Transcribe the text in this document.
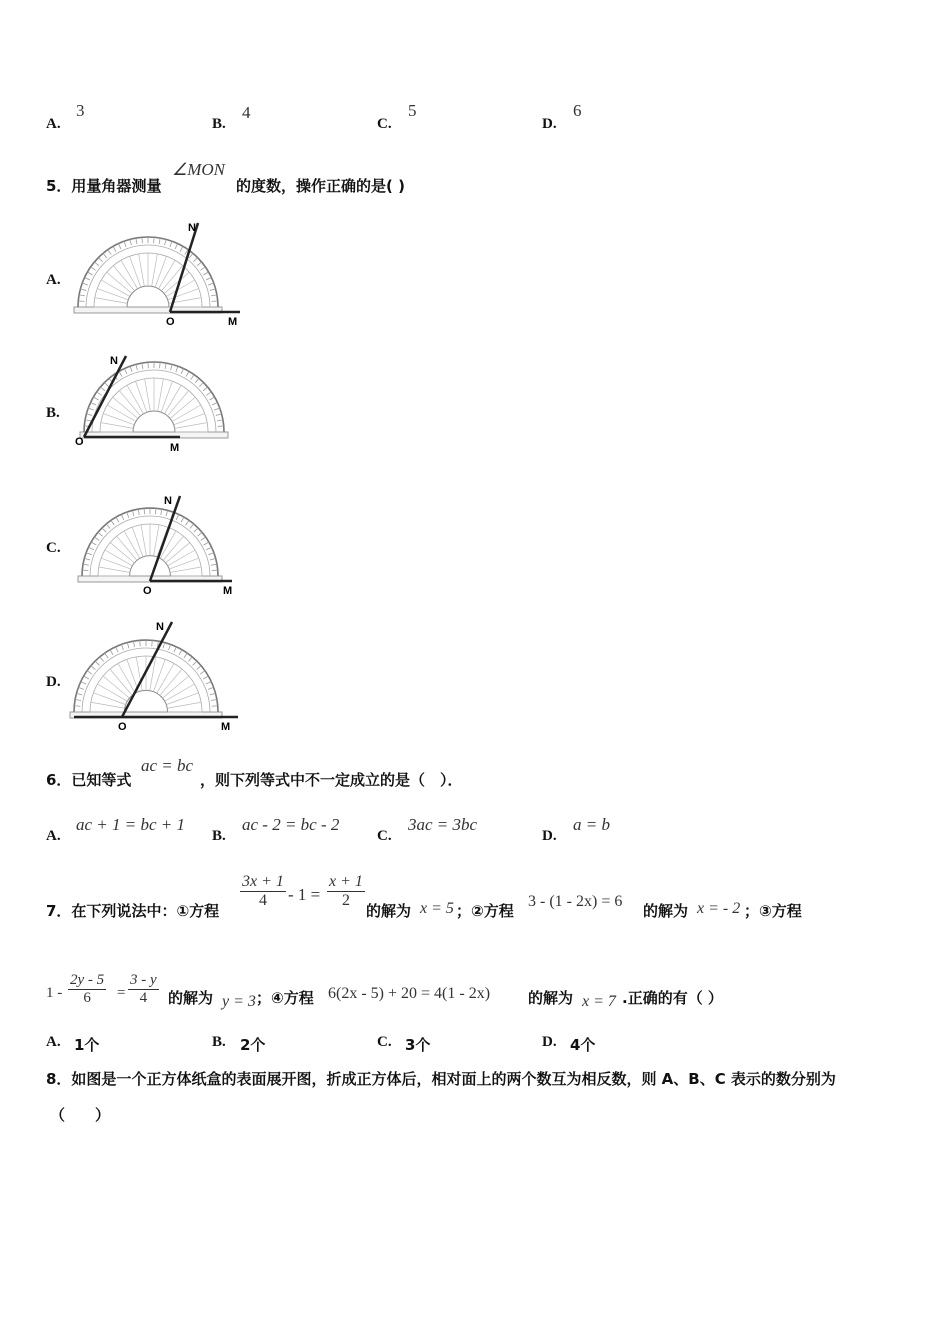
A.
3
B.
4
C.
5
D.
6
5．用量角器测量
∠MON
的度数，操作正确的是( )
A.
O	M
N
B.
O	M
N
C.
O	M
N
D.
O	M
N
6．已知等式
ac = bc
，则下列等式中不一定成立的是（　）．
A.
ac + 1 = bc + 1
B.
ac - 2 = bc - 2
C.
3ac = 3bc
D.
a = b
7．在下列说法中：①方程
$\frac{3x + 1}{4} - 1 = \frac{x + 1}{2}$
的解为 x = 5 ；②方程
3 - (1 - 2x) = 6
的解为 x = - 2 ；③方程
$1 - \frac{2y - 5}{6} = \frac{3 - y}{4}$ 的解为 y = 3 ；④方程 6(2x - 5) + 20 = 4(1 - 2x)	的解为 x = 7 .正确的有（ ）
A. 1个	B. 2个	C. 3个	D. 4个
8．如图是一个正方体纸盒的表面展开图，折成正方体后，相对面上的两个数互为相反数，则 A、B、C 表示的数分别为
（　　）
